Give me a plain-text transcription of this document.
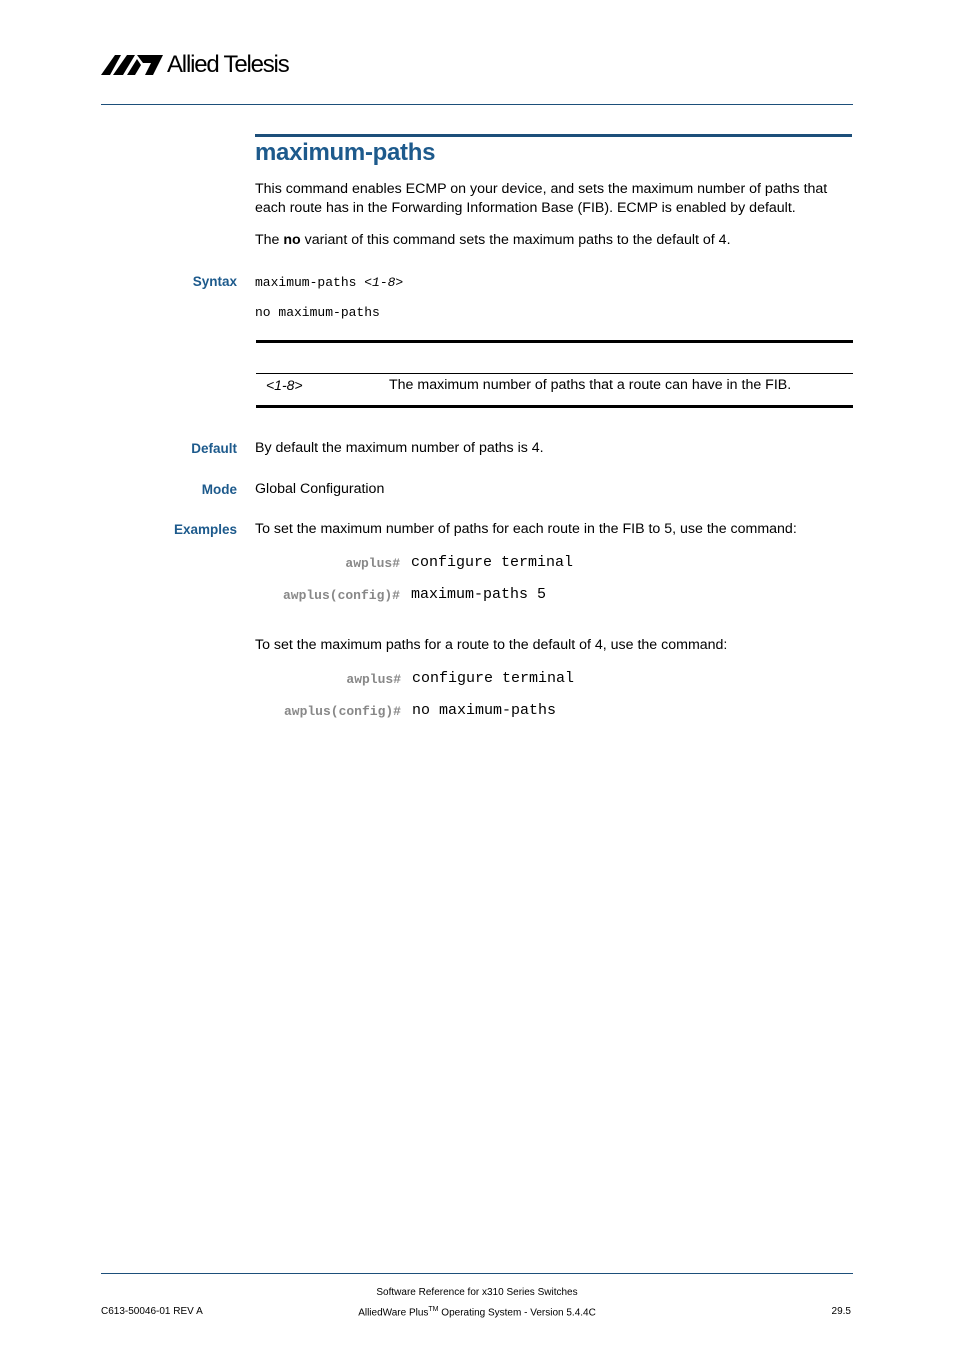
Allied Telesis
maximum-paths
This command enables ECMP on your device, and sets the maximum number of paths that each route has in the Forwarding Information Base (FIB). ECMP is enabled by default.
The no variant of this command sets the maximum paths to the default of 4.
Syntax maximum-paths <1-8>
no maximum-paths
<1-8>	The maximum number of paths that a route can have in the FIB.
Default By default the maximum number of paths is 4.
Mode Global Configuration
Examples To set the maximum number of paths for each route in the FIB to 5, use the command:
awplus# configure terminal
awplus(config)# maximum-paths 5
To set the maximum paths for a route to the default of 4, use the command:
awplus# configure terminal
awplus(config)# no maximum-paths
Software Reference for x310 Series Switches
C613-50046-01 REV A	AlliedWare Plus™ Operating System - Version 5.4.4C	29.5
